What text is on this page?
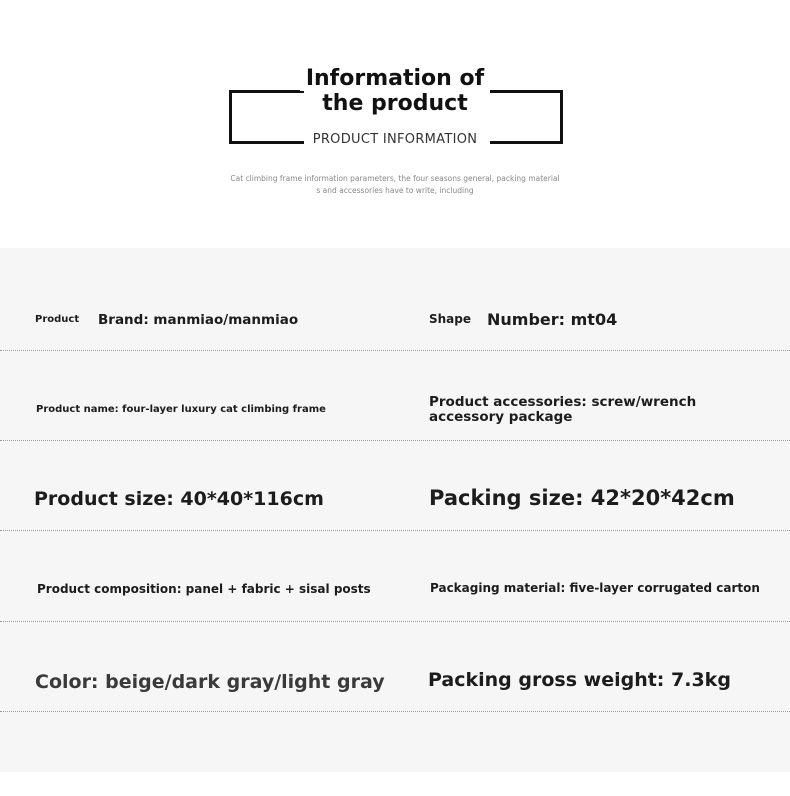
Information of
the product
PRODUCT INFORMATION
Cat climbing frame information parameters, the four seasons general, packing material
s and accessories have to write, including
Product Brand: manmiao/manmiao	Shape Number: mt04
Product name: four-layer luxury cat climbing frame	Product accessories: screw/wrench
accessory package
Product size: 40*40*116cm	Packing size: 42*20*42cm
Product composition: panel + fabric + sisal posts	Packaging material: five-layer corrugated carton
Color: beige/dark gray/light gray Packing gross weight: 7.3kg
